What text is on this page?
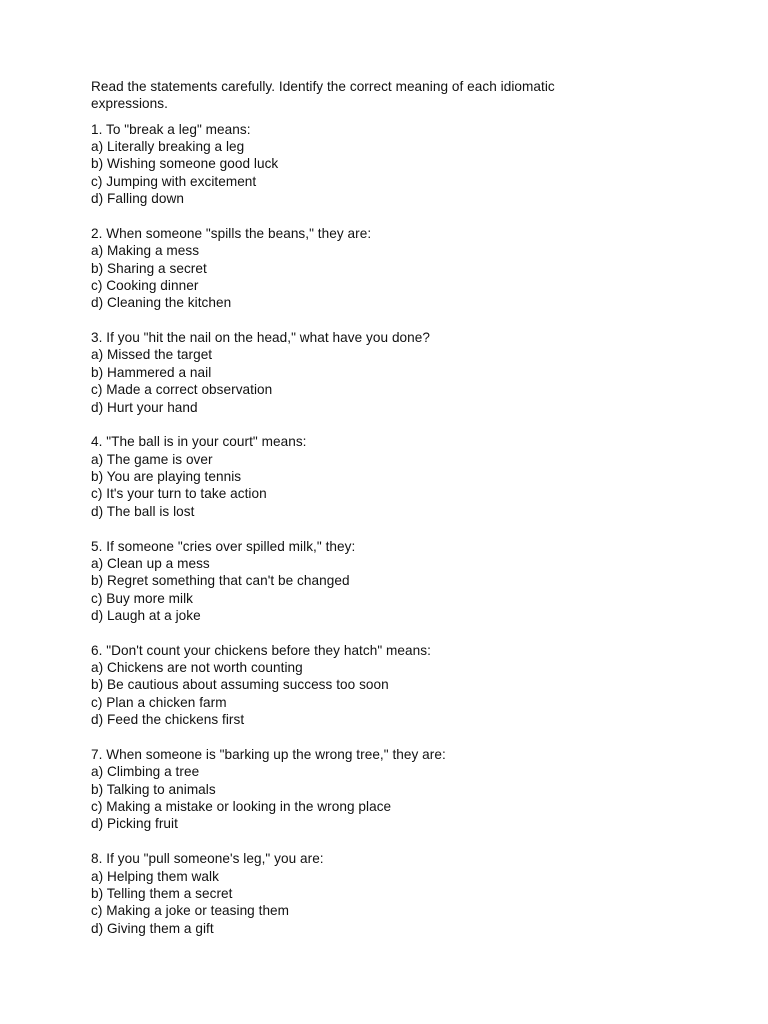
Read the statements carefully. Identify the correct meaning of each idiomatic expressions.

1. To "break a leg" means:
a) Literally breaking a leg
b) Wishing someone good luck
c) Jumping with excitement
d) Falling down
2. When someone "spills the beans," they are:
a) Making a mess
b) Sharing a secret
c) Cooking dinner
d) Cleaning the kitchen
3. If you "hit the nail on the head," what have you done?
a) Missed the target
b) Hammered a nail
c) Made a correct observation
d) Hurt your hand
4. "The ball is in your court" means:
a) The game is over
b) You are playing tennis
c) It's your turn to take action
d) The ball is lost
5. If someone "cries over spilled milk," they:
a) Clean up a mess
b) Regret something that can't be changed
c) Buy more milk
d) Laugh at a joke
6. "Don't count your chickens before they hatch" means:
a) Chickens are not worth counting
b) Be cautious about assuming success too soon
c) Plan a chicken farm
d) Feed the chickens first
7. When someone is "barking up the wrong tree," they are:
a) Climbing a tree
b) Talking to animals
c) Making a mistake or looking in the wrong place
d) Picking fruit
8. If you "pull someone's leg," you are:
a) Helping them walk
b) Telling them a secret
c) Making a joke or teasing them
d) Giving them a gift
